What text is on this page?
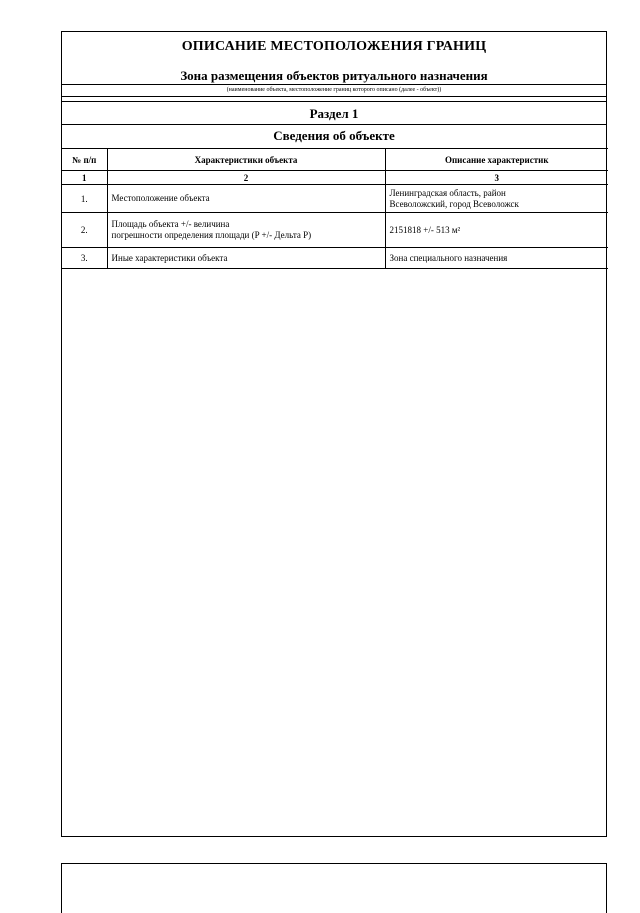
ОПИСАНИЕ МЕСТОПОЛОЖЕНИЯ ГРАНИЦ
Зона размещения объектов ритуального назначения
(наименование объекта, местоположение границ которого описано (далее - объект))
Раздел 1
Сведения об объекте
№ п/п	Характеристики объекта	Описание характеристик
1	2	3
1.	Местоположение объекта	Ленинградская область, район
Всеволожский, город Всеволожск

2.	Площадь объекта +/- величина
погрешности определения площади (P +/- Дельта P)	2151818 +/- 513 м²

3.	Иные характеристики объекта	Зона специального назначения
